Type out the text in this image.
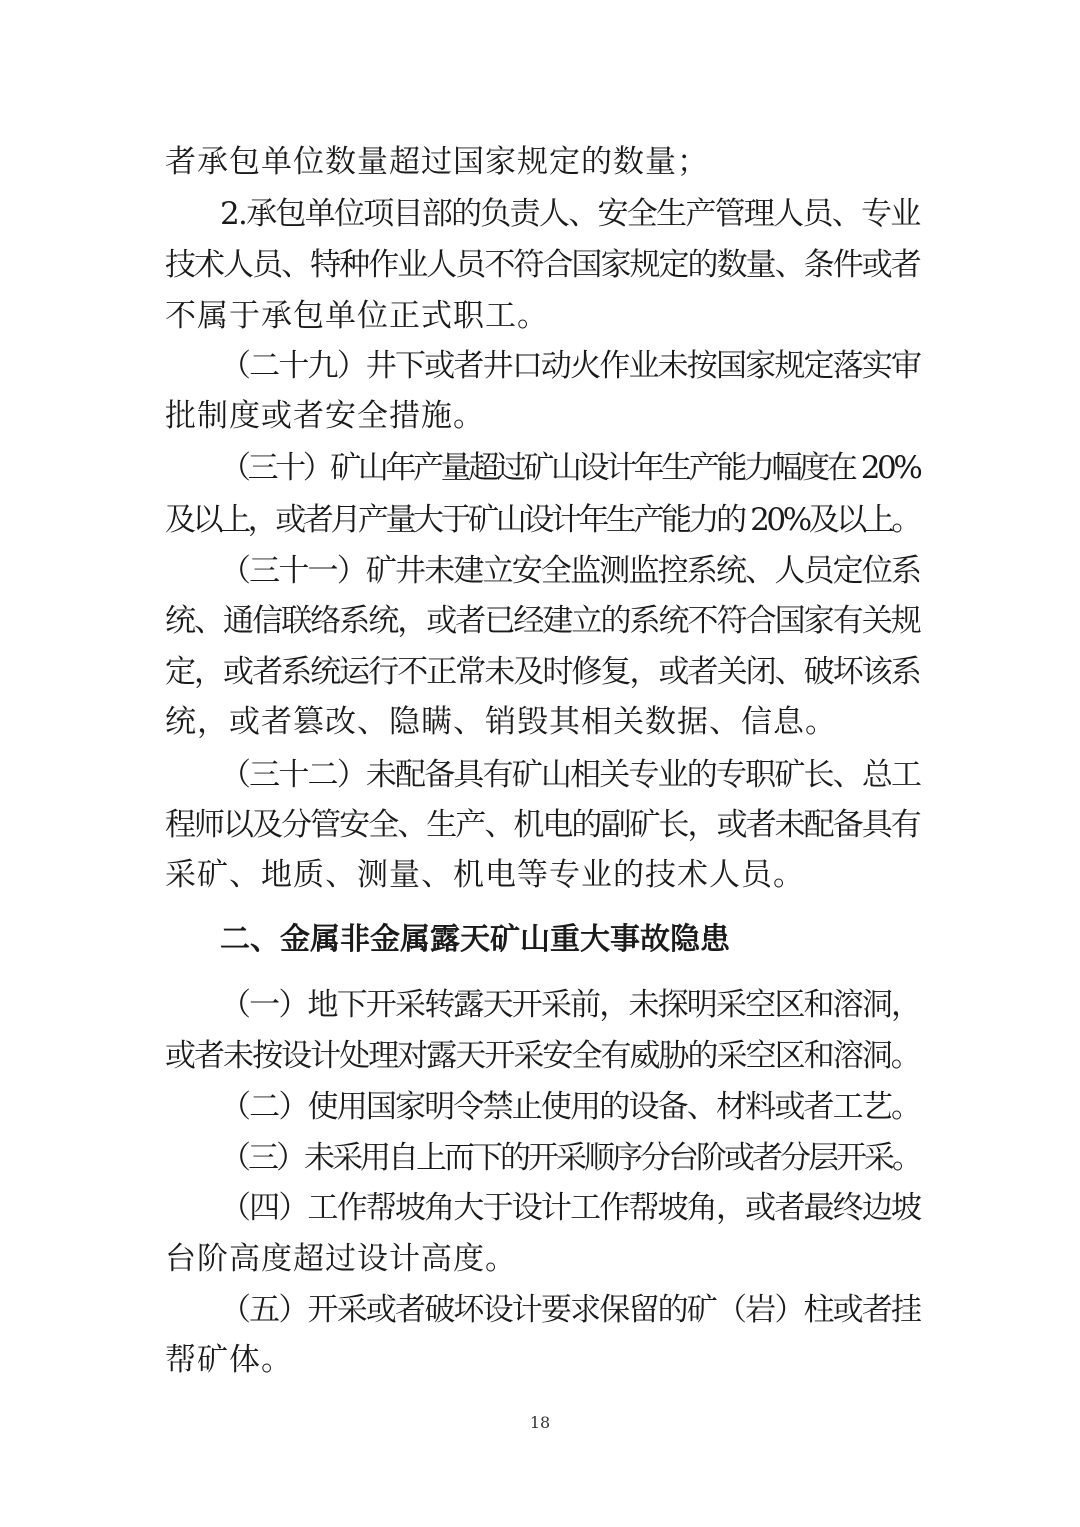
者承包单位数量超过国家规定的数量；
2.承包单位项目部的负责人、安全生产管理人员、专业
技术人员、特种作业人员不符合国家规定的数量、条件或者
不属于承包单位正式职工。
（二十九）井下或者井口动火作业未按国家规定落实审
批制度或者安全措施。
（三十）矿山年产量超过矿山设计年生产能力幅度在 20%
及以上，或者月产量大于矿山设计年生产能力的 20%及以上。
（三十一）矿井未建立安全监测监控系统、人员定位系
统、通信联络系统，或者已经建立的系统不符合国家有关规
定，或者系统运行不正常未及时修复，或者关闭、破坏该系
统，或者篡改、隐瞒、销毁其相关数据、信息。
（三十二）未配备具有矿山相关专业的专职矿长、总工
程师以及分管安全、生产、机电的副矿长，或者未配备具有
采矿、地质、测量、机电等专业的技术人员。
二、金属非金属露天矿山重大事故隐患
（一）地下开采转露天开采前，未探明采空区和溶洞，
或者未按设计处理对露天开采安全有威胁的采空区和溶洞。
（二）使用国家明令禁止使用的设备、材料或者工艺。
（三）未采用自上而下的开采顺序分台阶或者分层开采。
（四）工作帮坡角大于设计工作帮坡角，或者最终边坡
台阶高度超过设计高度。
（五）开采或者破坏设计要求保留的矿（岩）柱或者挂
帮矿体。
18
